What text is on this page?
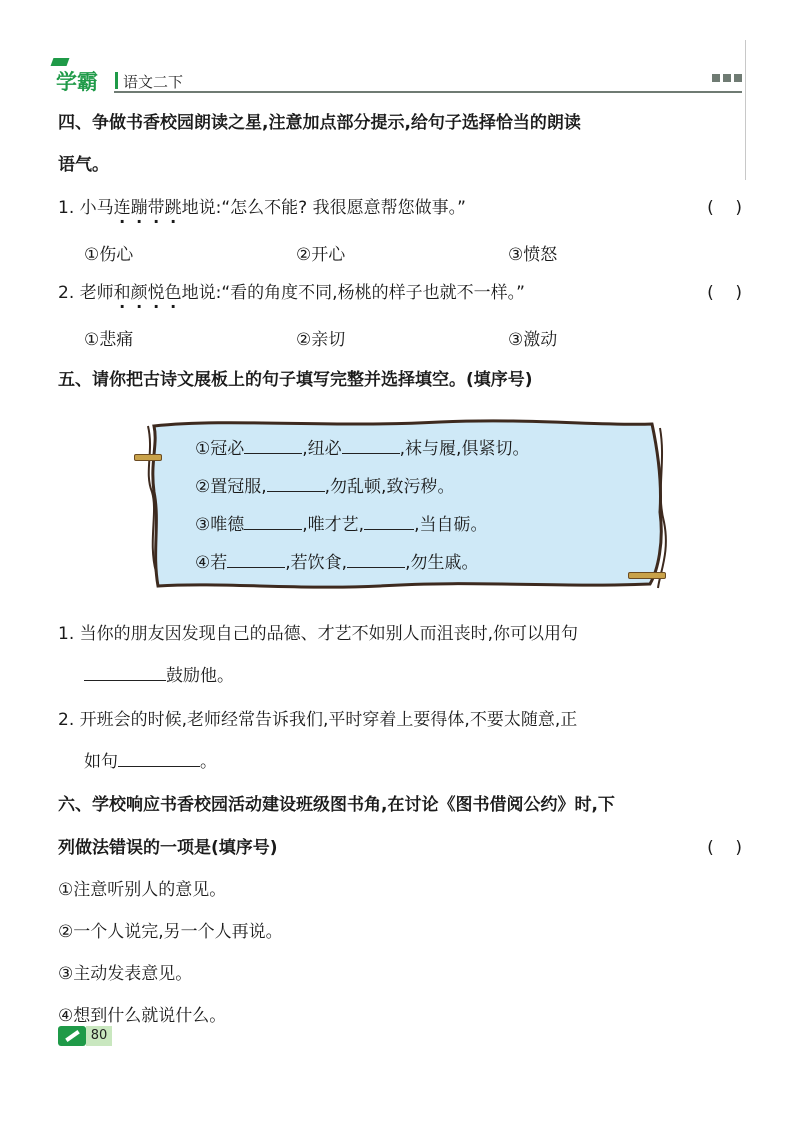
学霸 语文二下
四、争做书香校园朗读之星,注意加点部分提示,给句子选择恰当的朗读
语气。
1. 小马连蹦带跳地说:“怎么不能? 我很愿意帮您做事。”	(    )
①伤心	②开心	③愤怒
2. 老师和颜悦色地说:“看的角度不同,杨桃的样子也就不一样。”	(    )
①悲痛	②亲切	③激动
五、请你把古诗文展板上的句子填写完整并选择填空。(填序号)
①冠必	,纽必	,袜与履,俱紧切。
②置冠服,	,勿乱顿,致污秽。
③唯德	,唯才艺,	,当自砺。
④若	,若饮食,	,勿生戚。
1. 当你的朋友因发现自己的品德、才艺不如别人而沮丧时,你可以用句
鼓励他。
2. 开班会的时候,老师经常告诉我们,平时穿着上要得体,不要太随意,正
如句	。
六、学校响应书香校园活动建设班级图书角,在讨论《图书借阅公约》时,下
列做法错误的一项是(填序号)	(    )
①注意听别人的意见。
②一个人说完,另一个人再说。
③主动发表意见。
④想到什么就说什么。
80
